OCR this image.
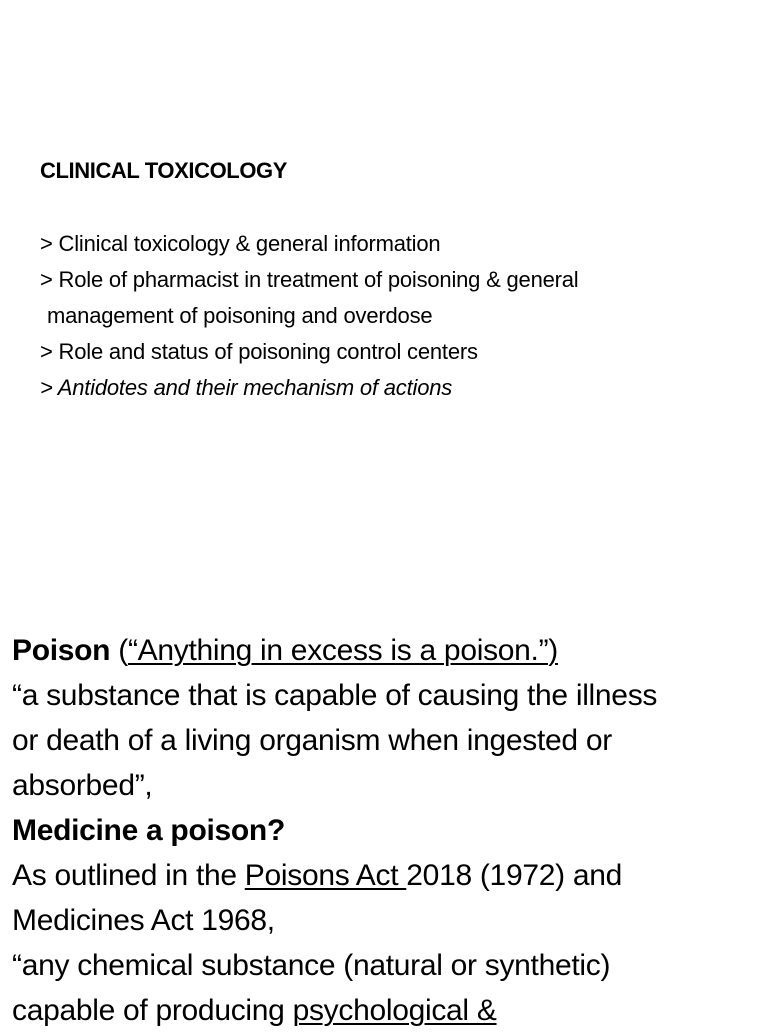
CLINICAL TOXICOLOGY
> Clinical toxicology & general information
> Role of pharmacist in treatment of poisoning & general
management of poisoning and overdose
> Role and status of poisoning control centers
> Antidotes and their mechanism of actions
Poison (“Anything in excess is a poison.”)
“a substance that is capable of causing the illness
or death of a living organism when ingested or
absorbed”,
Medicine a poison?
As outlined in the Poisons Act 2018 (1972) and
Medicines Act 1968,
“any chemical substance (natural or synthetic)
capable of producing psychological &
